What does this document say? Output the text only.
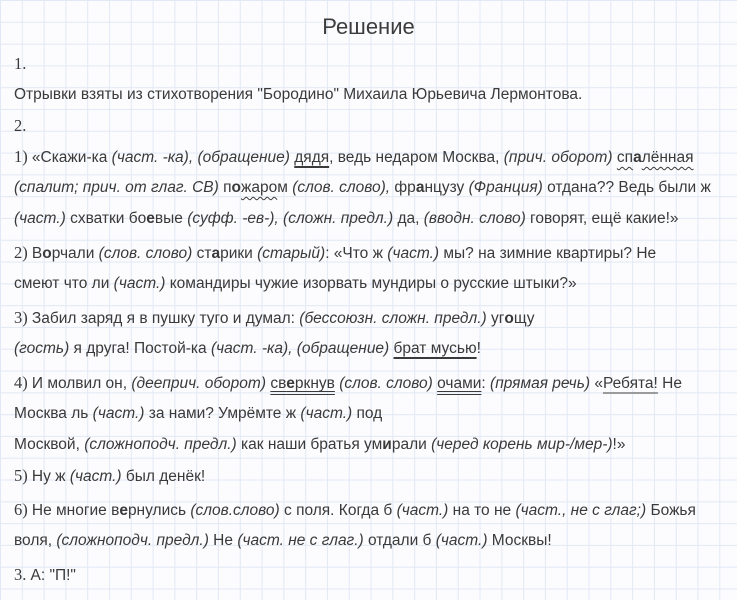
Решение
1.
Отрывки взяты из стихотворения "Бородино" Михаила Юрьевича Лермонтова.
2.
1) «Скажи-ка (част. -ка), (обращение) дядя, ведь недаром Москва, (прич. оборот) спалённая
(спалит; прич. от глаг. СВ) пожаром (слов. слово), французу (Франция) отдана?? Ведь были ж
(част.) схватки боевые (суфф. -ев-), (сложн. предл.) да, (вводн. слово) говорят, ещё какие!»
2) Ворчали (слов. слово) старики (старый): «Что ж (част.) мы? на зимние квартиры? Не
смеют что ли (част.) командиры чужие изорвать мундиры о русские штыки?»
3) Забил заряд я в пушку туго и думал: (бессоюзн. сложн. предл.) угощу
(гость) я друга! Постой-ка (част. -ка), (обращение) брат мусью!
4) И молвил он, (дееприч. оборот) сверкнув (слов. слово) очами: (прямая речь) «Ребята! Не
Москва ль (част.) за нами? Умрёмте ж (част.) под
Москвой, (сложноподч. предл.) как наши братья умирали (черед корень мир-/мер-)!»
5) Ну ж (част.) был денёк!
6) Не многие вернулись (слов.слово) с поля. Когда б (част.) на то не (част., не с глаг;) Божья
воля, (сложноподч. предл.) Не (част. не с глаг.) отдали б (част.) Москвы!
3. А: "П!"
